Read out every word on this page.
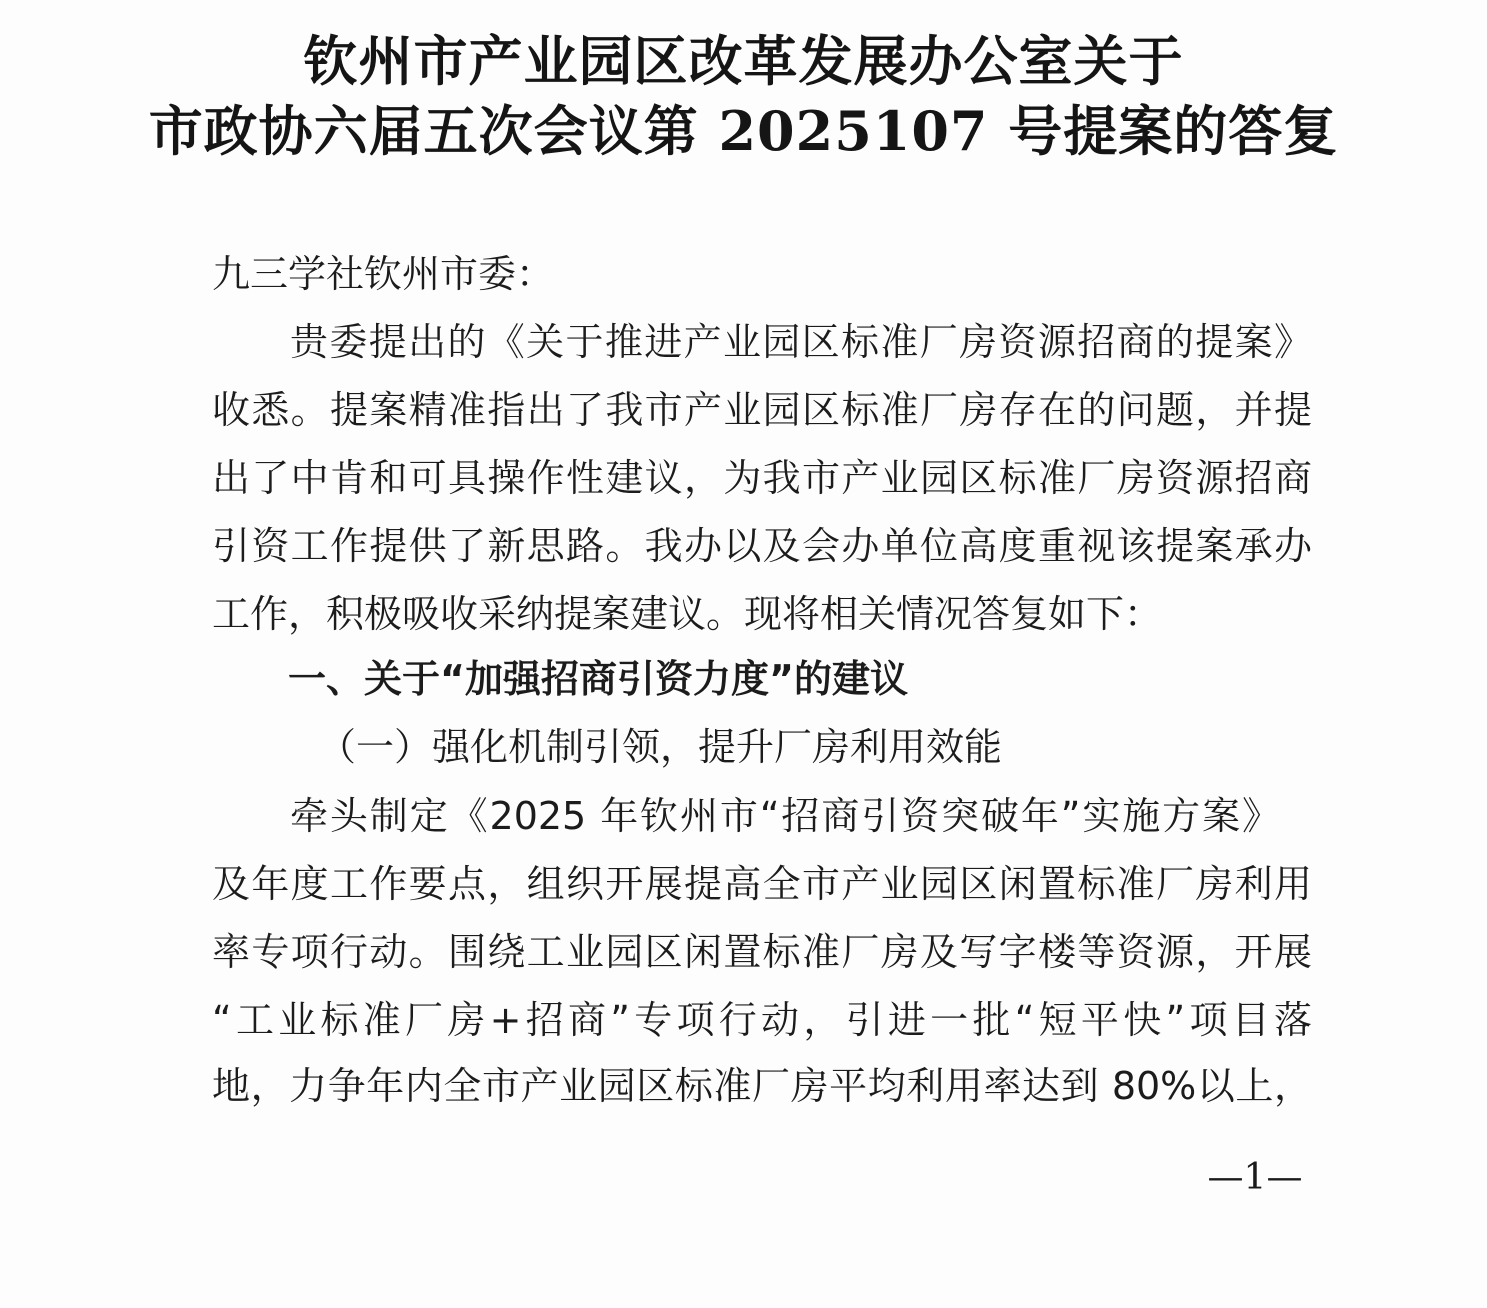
钦州市产业园区改革发展办公室关于
市政协六届五次会议第 2025107 号提案的答复
九三学社钦州市委：
贵委提出的《关于推进产业园区标准厂房资源招商的提案》
收悉。提案精准指出了我市产业园区标准厂房存在的问题，并提
出了中肯和可具操作性建议，为我市产业园区标准厂房资源招商
引资工作提供了新思路。我办以及会办单位高度重视该提案承办
工作，积极吸收采纳提案建议。现将相关情况答复如下：
一、关于“加强招商引资力度”的建议
（一）强化机制引领，提升厂房利用效能
牵头制定《2025 年钦州市“招商引资突破年”实施方案》
及年度工作要点，组织开展提高全市产业园区闲置标准厂房利用
率专项行动。围绕工业园区闲置标准厂房及写字楼等资源，开展
“工业标准厂房+招商”专项行动，引进一批“短平快”项目落
地，力争年内全市产业园区标准厂房平均利用率达到 80%以上，
—1—
